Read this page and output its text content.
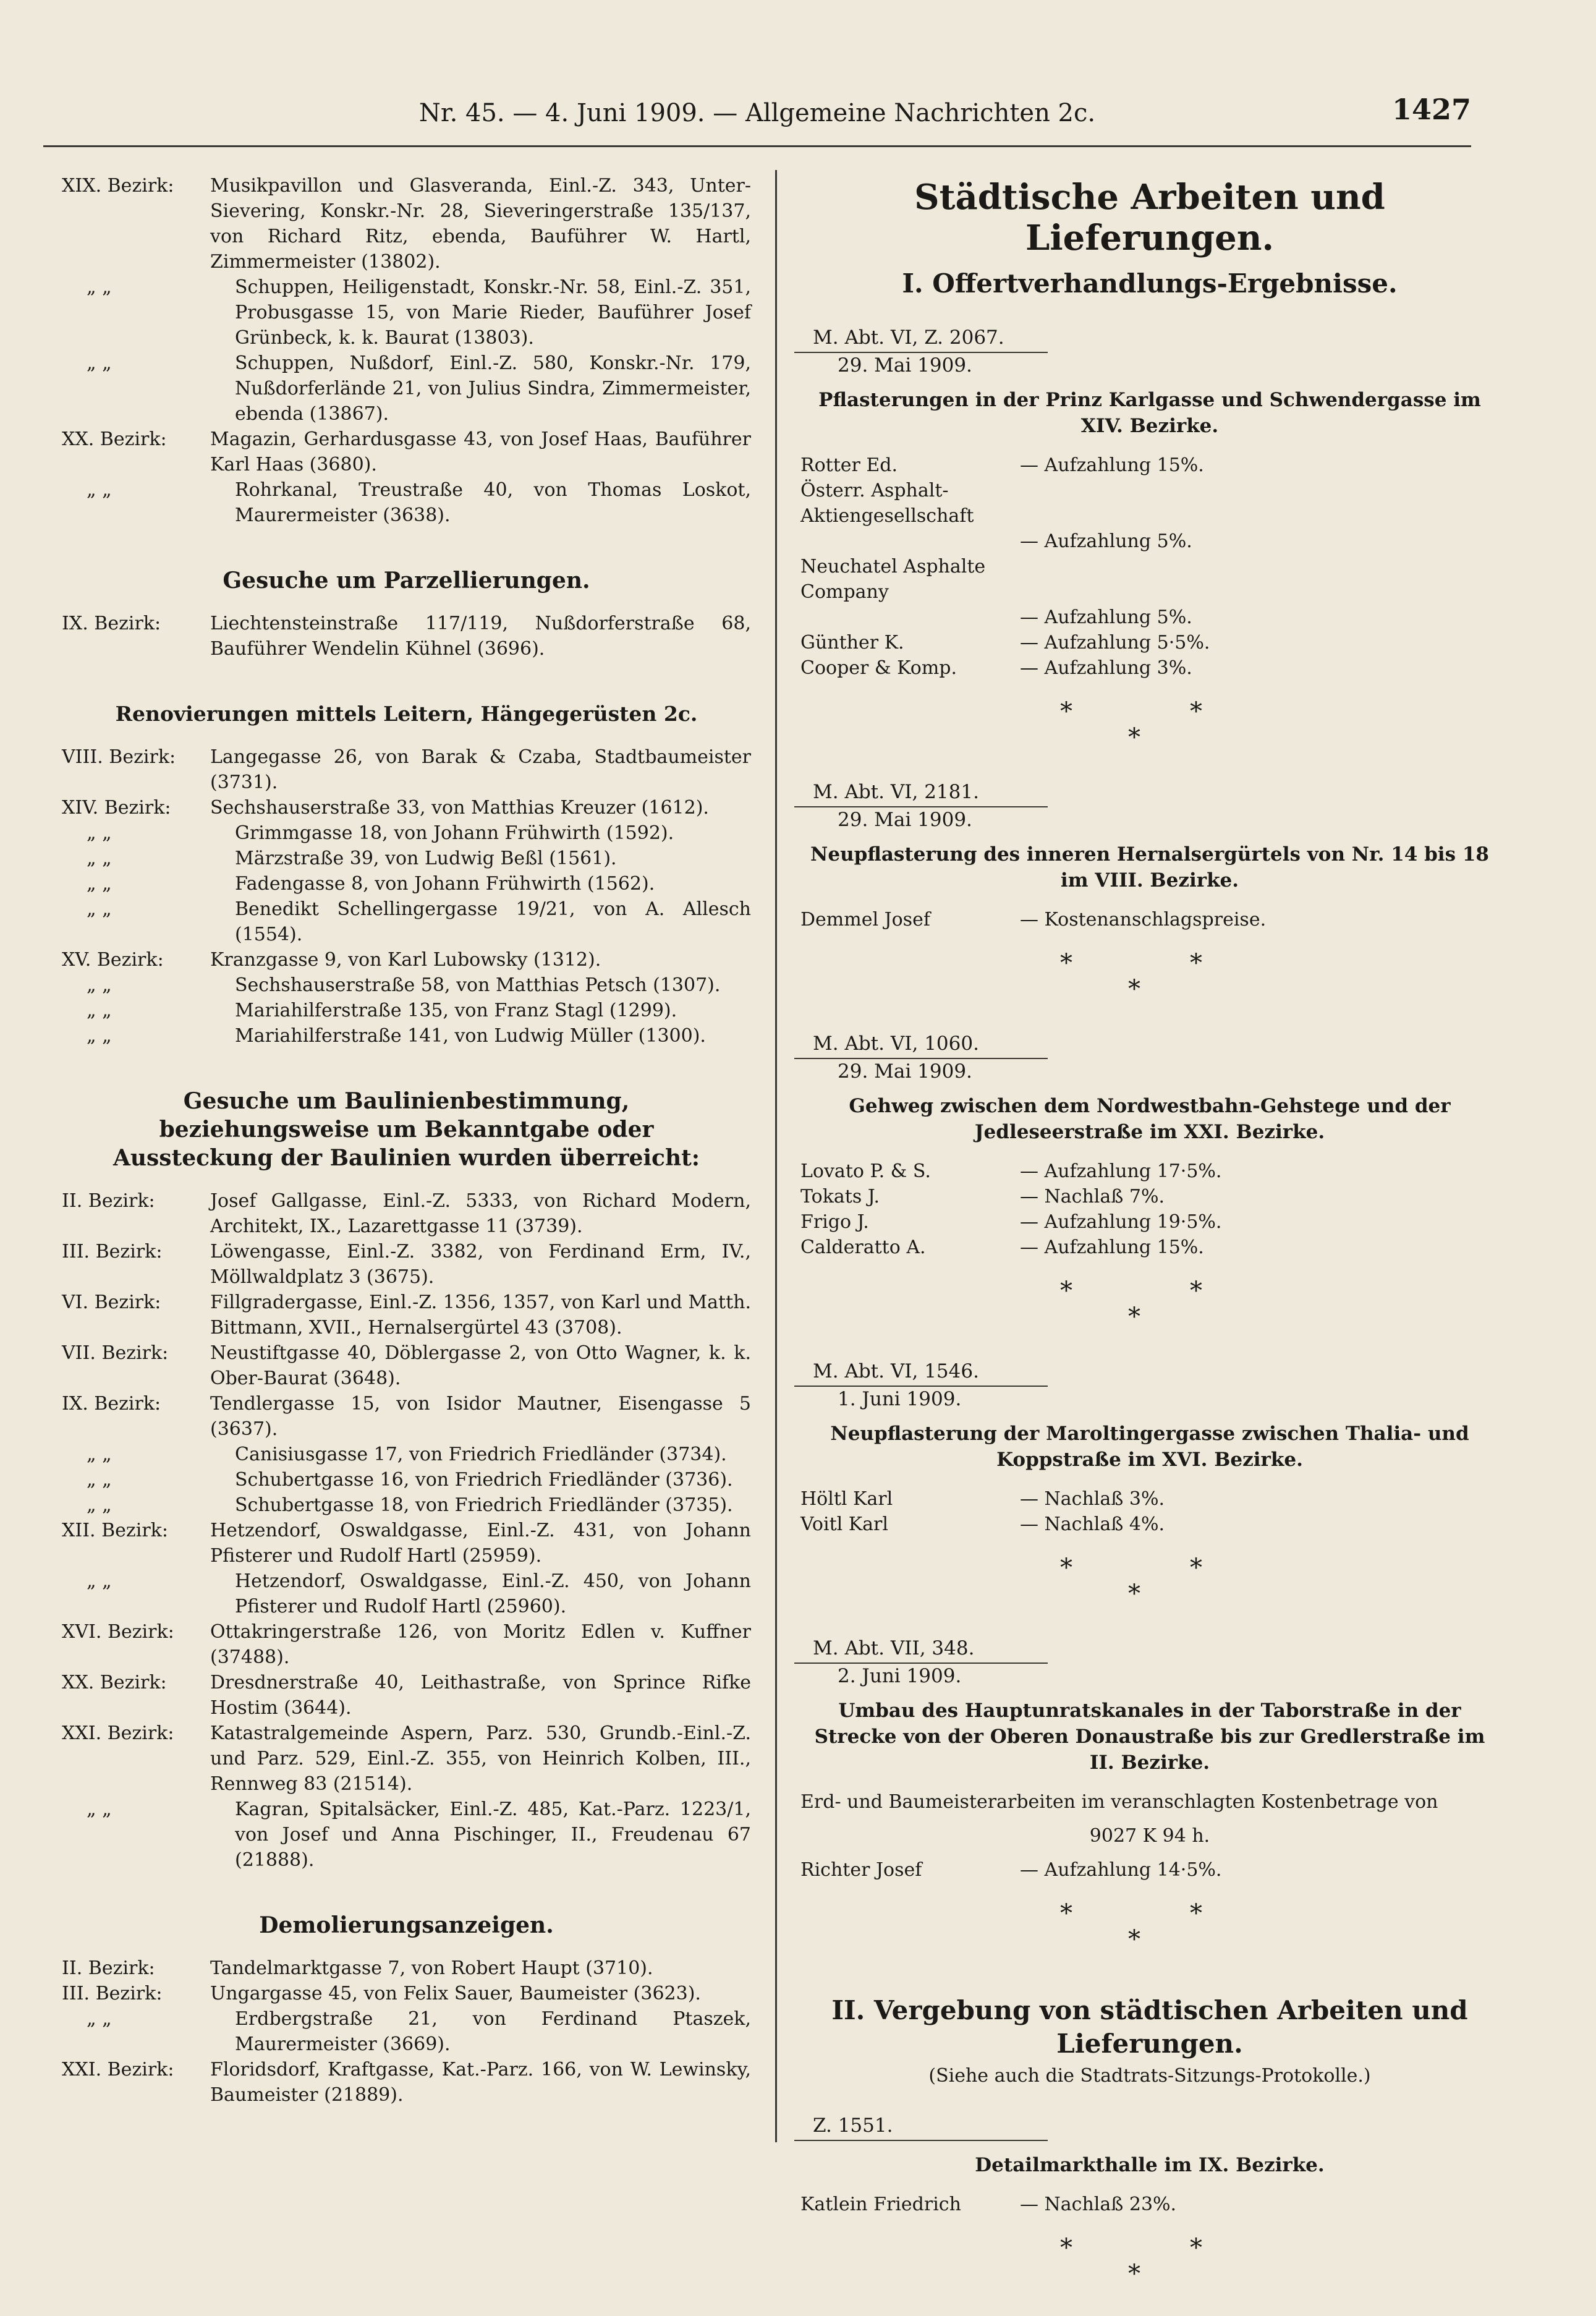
Nr. 45. — 4. Juni 1909. — Allgemeine Nachrichten 2c.	1427
XIX. Bezirk:	Musikpavillon und Glasveranda, Einl.-Z. 343, Unter-Sievering, Konskr.-Nr. 28, Sieveringerstraße 135/137, von Richard Ritz, ebenda, Bauführer W. Hartl, Zimmermeister (13802).
„ „	Schuppen, Heiligenstadt, Konskr.-Nr. 58, Einl.-Z. 351, Probusgasse 15, von Marie Rieder, Bauführer Josef Grünbeck, k. k. Baurat (13803).
„ „	Schuppen, Nußdorf, Einl.-Z. 580, Konskr.-Nr. 179, Nußdorferlände 21, von Julius Sindra, Zimmermeister, ebenda (13867).
XX. Bezirk:	Magazin, Gerhardusgasse 43, von Josef Haas, Bauführer Karl Haas (3680).
„ „	Rohrkanal, Treustraße 40, von Thomas Loskot, Maurermeister (3638).
Gesuche um Parzellierungen.
IX. Bezirk:	Liechtensteinstraße 117/119, Nußdorferstraße 68, Bauführer Wendelin Kühnel (3696).
Renovierungen mittels Leitern, Hängegerüsten 2c.
VIII. Bezirk:	Langegasse 26, von Barak & Czaba, Stadtbaumeister (3731).
XIV. Bezirk:	Sechshauserstraße 33, von Matthias Kreuzer (1612).
„ „	Grimmgasse 18, von Johann Frühwirth (1592).
„ „	Märzstraße 39, von Ludwig Beßl (1561).
„ „	Fadengasse 8, von Johann Frühwirth (1562).
„ „	Benedikt Schellingergasse 19/21, von A. Allesch (1554).
XV. Bezirk:	Kranzgasse 9, von Karl Lubowsky (1312).
„ „	Sechshauserstraße 58, von Matthias Petsch (1307).
„ „	Mariahilferstraße 135, von Franz Stagl (1299).
„ „	Mariahilferstraße 141, von Ludwig Müller (1300).
Gesuche um Baulinienbestimmung, beziehungsweise um Bekanntgabe oder Aussteckung der Baulinien wurden überreicht:
II. Bezirk:	Josef Gallgasse, Einl.-Z. 5333, von Richard Modern, Architekt, IX., Lazarettgasse 11 (3739).
III. Bezirk:	Löwengasse, Einl.-Z. 3382, von Ferdinand Erm, IV., Möllwaldplatz 3 (3675).
VI. Bezirk:	Fillgradergasse, Einl.-Z. 1356, 1357, von Karl und Matth. Bittmann, XVII., Hernalsergürtel 43 (3708).
VII. Bezirk:	Neustiftgasse 40, Döblergasse 2, von Otto Wagner, k. k. Ober-Baurat (3648).
IX. Bezirk:	Tendlergasse 15, von Isidor Mautner, Eisengasse 5 (3637).
„ „	Canisiusgasse 17, von Friedrich Friedländer (3734).
„ „	Schubertgasse 16, von Friedrich Friedländer (3736).
„ „	Schubertgasse 18, von Friedrich Friedländer (3735).
XII. Bezirk:	Hetzendorf, Oswaldgasse, Einl.-Z. 431, von Johann Pfisterer und Rudolf Hartl (25959).
„ „	Hetzendorf, Oswaldgasse, Einl.-Z. 450, von Johann Pfisterer und Rudolf Hartl (25960).
XVI. Bezirk:	Ottakringerstraße 126, von Moritz Edlen v. Kuffner (37488).
XX. Bezirk:	Dresdnerstraße 40, Leithastraße, von Sprince Rifke Hostim (3644).
XXI. Bezirk:	Katastralgemeinde Aspern, Parz. 530, Grundb.-Einl.-Z. und Parz. 529, Einl.-Z. 355, von Heinrich Kolben, III., Rennweg 83 (21514).
„ „	Kagran, Spitalsäcker, Einl.-Z. 485, Kat.-Parz. 1223/1, von Josef und Anna Pischinger, II., Freudenau 67 (21888).
Demolierungsanzeigen.
II. Bezirk:	Tandelmarktgasse 7, von Robert Haupt (3710).
III. Bezirk:	Ungargasse 45, von Felix Sauer, Baumeister (3623).
„ „	Erdbergstraße 21, von Ferdinand Ptaszek, Maurermeister (3669).
XXI. Bezirk:	Floridsdorf, Kraftgasse, Kat.-Parz. 166, von W. Lewinsky, Baumeister (21889).
Städtische Arbeiten und Lieferungen.
I. Offertverhandlungs-Ergebnisse.
M. Abt. VI, Z. 2067.
29. Mai 1909.
Pflasterungen in der Prinz Karlgasse und Schwendergasse im XIV. Bezirke.
Rotter Ed.	— Aufzahlung 15%.
Österr. Asphalt-Aktiengesellschaft
— Aufzahlung 5%.
Neuchatel Asphalte Company
— Aufzahlung 5%.
Günther K.	— Aufzahlung 5·5%.
Cooper & Komp.	— Aufzahlung 3%.
*
*
*
M. Abt. VI, 2181.
29. Mai 1909.
Neupflasterung des inneren Hernalsergürtels von Nr. 14 bis 18 im VIII. Bezirke.
Demmel Josef	— Kostenanschlagspreise.
*
*
*
M. Abt. VI, 1060.
29. Mai 1909.
Gehweg zwischen dem Nordwestbahn-Gehstege und der Jedleseerstraße im XXI. Bezirke.
Lovato P. & S.	— Aufzahlung 17·5%.
Tokats J.	— Nachlaß 7%.
Frigo J.	— Aufzahlung 19·5%.
Calderatto A.	— Aufzahlung 15%.
*
*
*
M. Abt. VI, 1546.
1. Juni 1909.
Neupflasterung der Maroltingergasse zwischen Thalia- und Koppstraße im XVI. Bezirke.
Höltl Karl	— Nachlaß 3%.
Voitl Karl	— Nachlaß 4%.
*
*
*
M. Abt. VII, 348.
2. Juni 1909.
Umbau des Hauptunratskanales in der Taborstraße in der Strecke von der Oberen Donaustraße bis zur Gredlerstraße im II. Bezirke.
Erd- und Baumeisterarbeiten im veranschlagten Kostenbetrage von
9027 K 94 h.
Richter Josef	— Aufzahlung 14·5%.
*
*
*
II. Vergebung von städtischen Arbeiten und Lieferungen.
(Siehe auch die Stadtrats-Sitzungs-Protokolle.)
Z. 1551.
Detailmarkthalle im IX. Bezirke.
Katlein Friedrich	— Nachlaß 23%.
*
*
*
